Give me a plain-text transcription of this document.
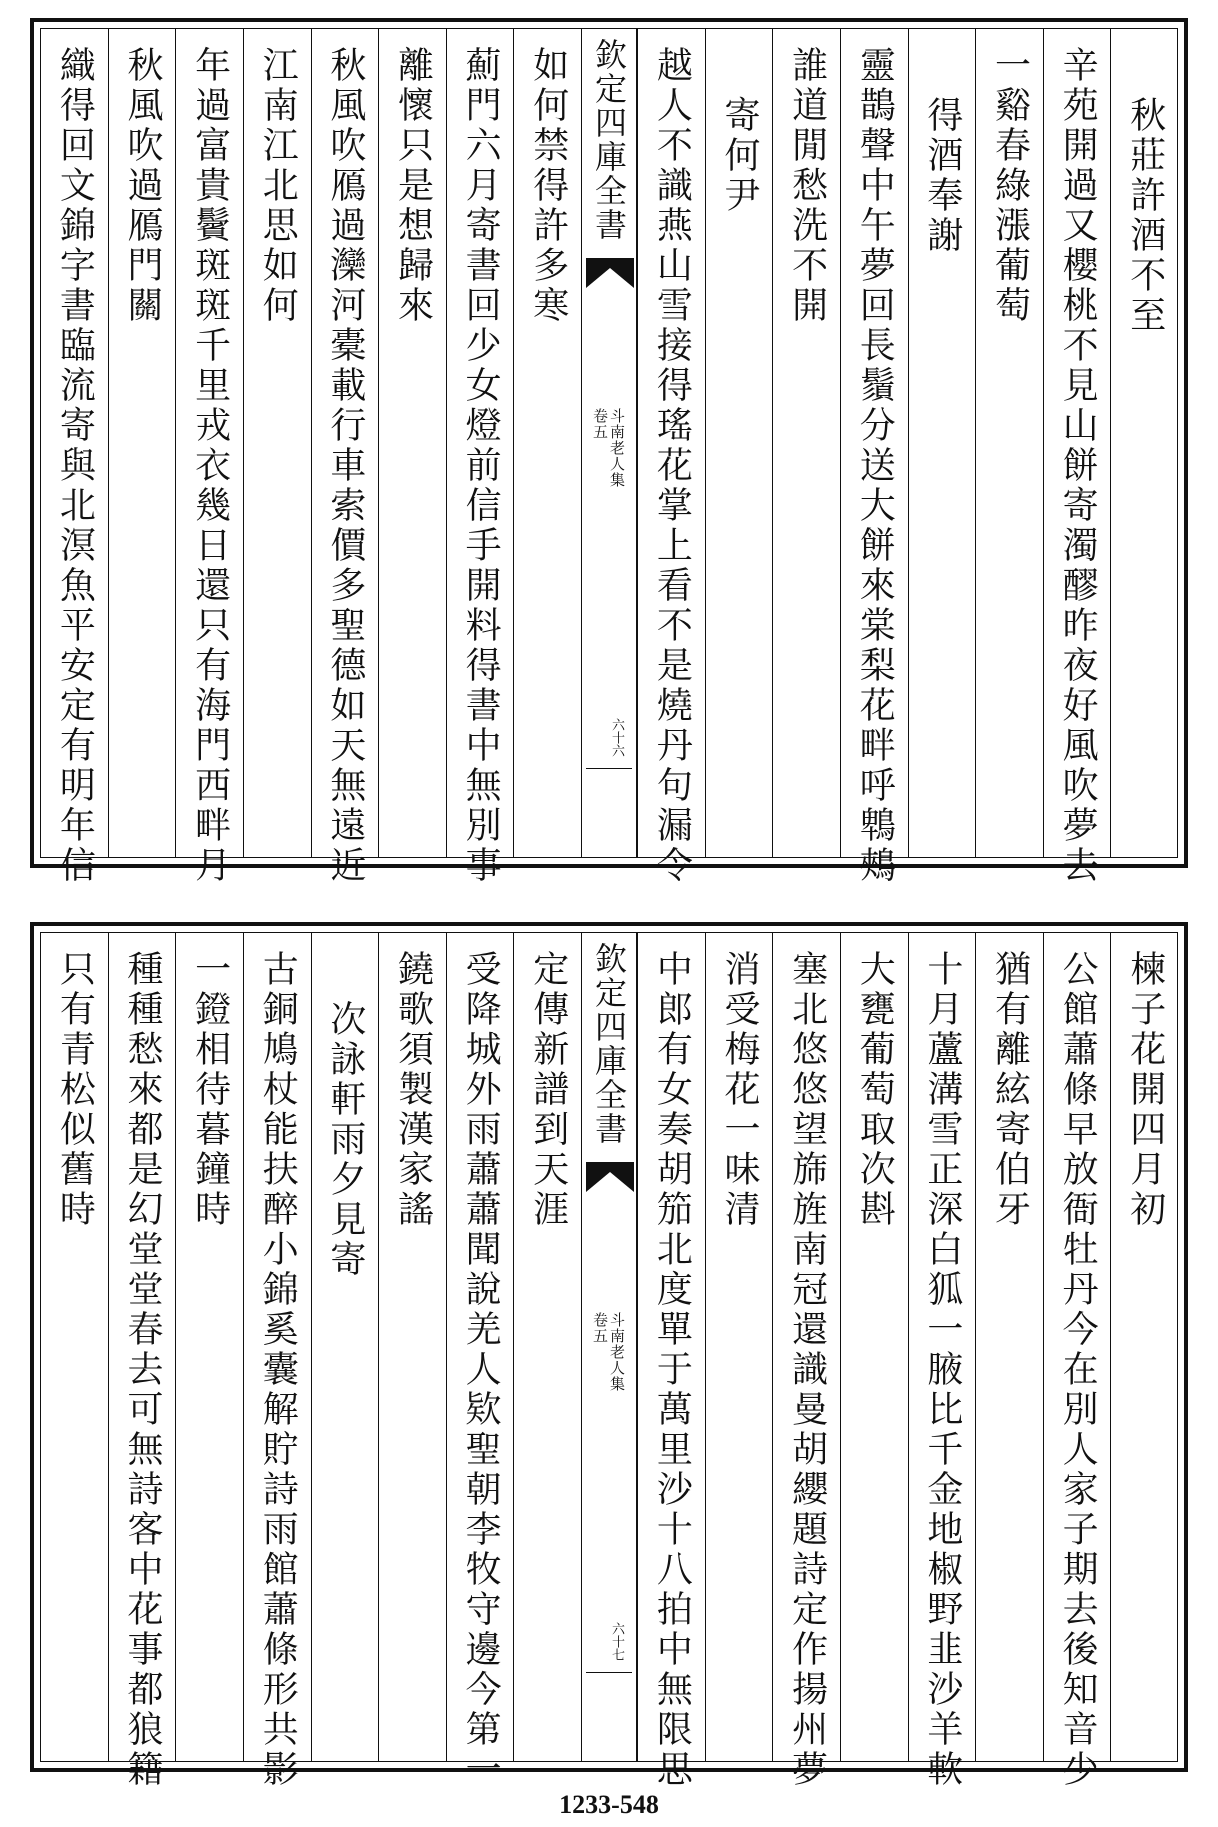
秋莊許酒不至
辛苑開過又櫻桃不見山餅寄濁醪昨夜好風吹夢去
一谿春綠漲葡萄
得酒奉謝
靈鵲聲中午夢回長鬚分送大餅來棠梨花畔呼鵯鵊
誰道閒愁洗不開
寄何尹
越人不識燕山雪接得瑤花掌上看不是燒丹句漏令
如何禁得許多寒
薊門六月寄書回少女燈前信手開料得書中無別事
離懷只是想歸來
秋風吹鴈過灤河橐載行車索價多聖德如天無遠近
江南江北思如何
年過富貴鬢斑斑千里戎衣幾日還只有海門西畔月
秋風吹過鴈門關
織得回文錦字書臨流寄與北溟魚平安定有明年信	欽定四庫全書
斗南老人集
卷五
六十六
楝子花開四月初
公館蕭條早放衙牡丹今在別人家子期去後知音少
猶有離絃寄伯牙
十月蘆溝雪正深白狐一腋比千金地椒野韭沙羊軟
大甕葡萄取次斟
塞北悠悠望旆旌南冠還識曼胡纓題詩定作揚州夢
消受梅花一味清
中郎有女奏胡笳北度單于萬里沙十八拍中無限思
定傳新譜到天涯
受降城外雨蕭蕭聞說羌人欵聖朝李牧守邊今第一
鐃歌須製漢家謠
次詠軒雨夕見寄
古銅鳩杖能扶醉小錦奚囊解貯詩雨館蕭條形共影
一鐙相待暮鐘時
種種愁來都是幻堂堂春去可無詩客中花事都狼籍
只有青松似舊時	欽定四庫全書
斗南老人集
卷五
六十七
1233-548
